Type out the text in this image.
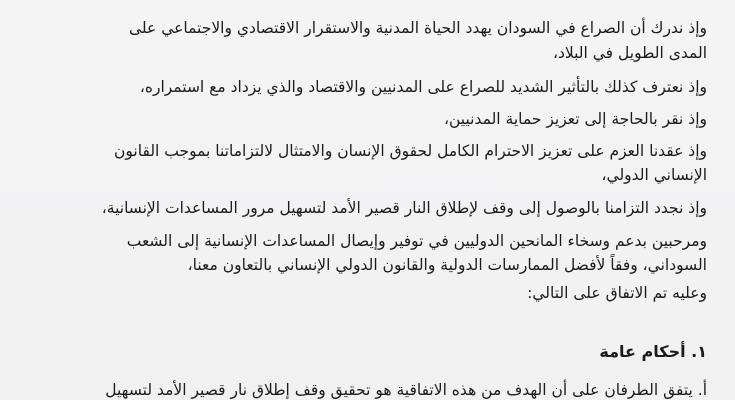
وإذ ندرك أن الصراع في السودان يهدد الحياة المدنية والاستقرار الاقتصادي والاجتماعي على
المدى الطويل في البلاد،
وإذ نعترف كذلك بالتأثير الشديد للصراع على المدنيين والاقتصاد والذي يزداد مع استمراره،
وإذ نقر بالحاجة إلى تعزيز حماية المدنيين،
وإذ عقدنا العزم على تعزيز الاحترام الكامل لحقوق الإنسان والامتثال لالتزاماتنا بموجب القانون
الإنساني الدولي،
وإذ نجدد التزامنا بالوصول إلى وقف لإطلاق النار قصير الأمد لتسهيل مرور المساعدات الإنسانية،
ومرحبين بدعم وسخاء المانحين الدوليين في توفير وإيصال المساعدات الإنسانية إلى الشعب
السوداني، وفقاً لأفضل الممارسات الدولية والقانون الدولي الإنساني بالتعاون معنا،
وعليه تم الاتفاق على التالي:
١. أحكام عامة
أ. يتفق الطرفان على أن الهدف من هذه الاتفاقية هو تحقيق وقف إطلاق نار قصير الأمد لتسهيل
